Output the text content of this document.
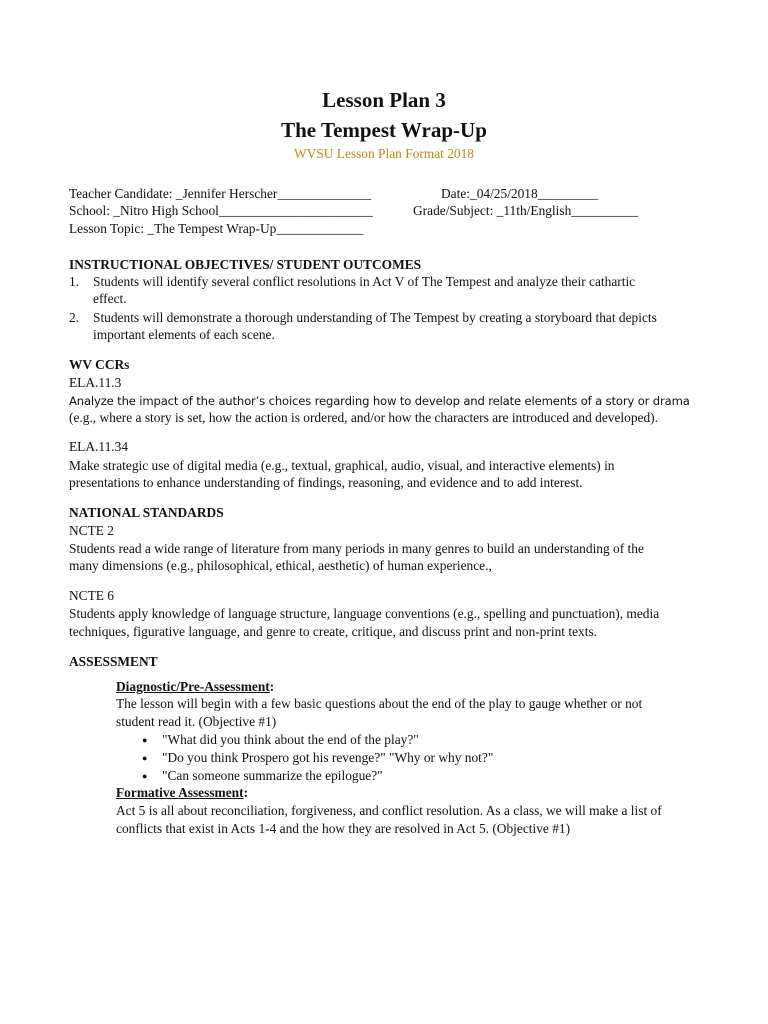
Lesson Plan 3
The Tempest Wrap-Up
WVSU Lesson Plan Format 2018
Teacher Candidate: _Jennifer Herscher______________	Date:_04/25/2018_________
School: _Nitro High School_______________________	Grade/Subject: _11th/English__________
Lesson Topic: _The Tempest Wrap-Up_____________
INSTRUCTIONAL OBJECTIVES/ STUDENT OUTCOMES
1. Students will identify several conflict resolutions in Act V of The Tempest and analyze their cathartic
effect.
2. Students will demonstrate a thorough understanding of The Tempest by creating a storyboard that depicts
important elements of each scene.
WV CCRs
ELA.11.3
Analyze the impact of the author’s choices regarding how to develop and relate elements of a story or drama
(e.g., where a story is set, how the action is ordered, and/or how the characters are introduced and developed).
ELA.11.34
Make strategic use of digital media (e.g., textual, graphical, audio, visual, and interactive elements) in
presentations to enhance understanding of findings, reasoning, and evidence and to add interest.
NATIONAL STANDARDS
NCTE 2
Students read a wide range of literature from many periods in many genres to build an understanding of the
many dimensions (e.g., philosophical, ethical, aesthetic) of human experience.,
NCTE 6
Students apply knowledge of language structure, language conventions (e.g., spelling and punctuation), media
techniques, figurative language, and genre to create, critique, and discuss print and non-print texts.
ASSESSMENT
Diagnostic/Pre-Assessment:
The lesson will begin with a few basic questions about the end of the play to gauge whether or not
student read it. (Objective #1)
● "What did you think about the end of the play?"
● "Do you think Prospero got his revenge?" "Why or why not?"
● "Can someone summarize the epilogue?"
Formative Assessment:
Act 5 is all about reconciliation, forgiveness, and conflict resolution. As a class, we will make a list of
conflicts that exist in Acts 1-4 and the how they are resolved in Act 5. (Objective #1)
